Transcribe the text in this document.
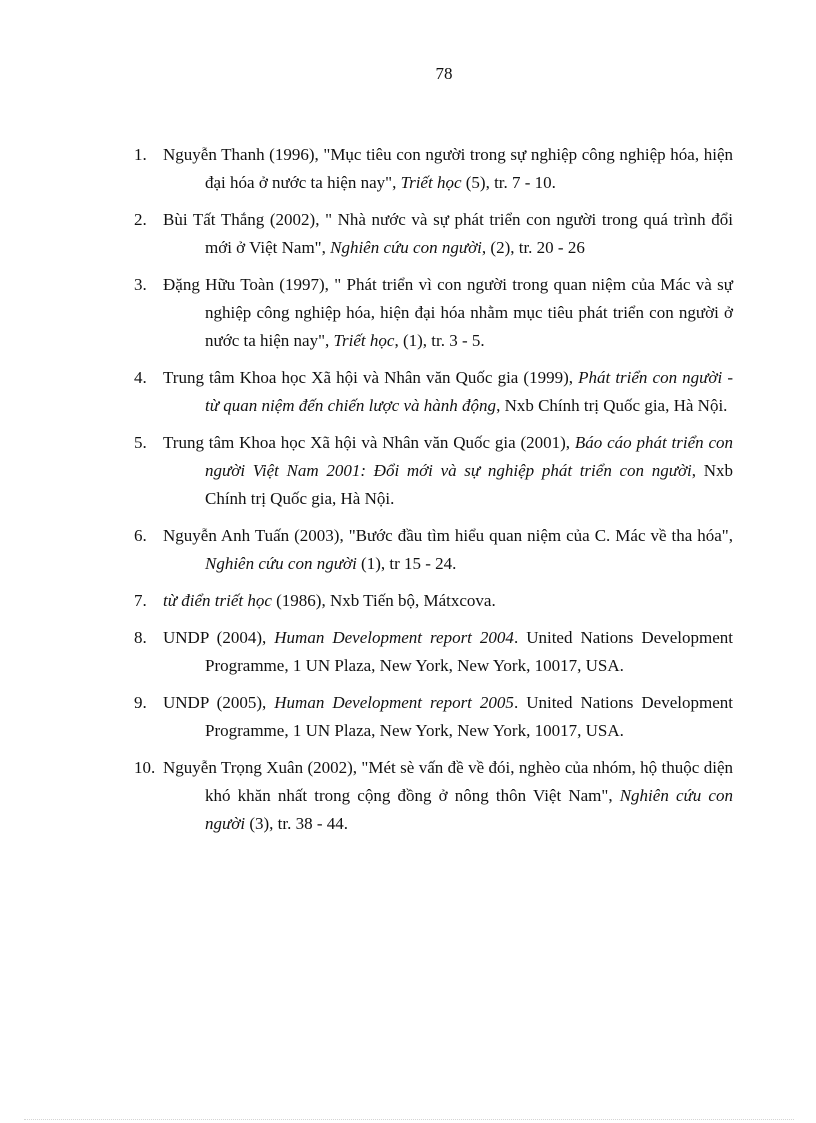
78
1. Nguyễn Thanh (1996), "Mục tiêu con người trong sự nghiệp công nghiệp hóa, hiện đại hóa ở nước ta hiện nay", Triết học (5), tr. 7 - 10.
2. Bùi Tất Thắng (2002), " Nhà nước và sự phát triển con người trong quá trình đổi mới ở Việt Nam", Nghiên cứu con người, (2), tr. 20 - 26
3. Đặng Hữu Toàn (1997), " Phát triển vì con người trong quan niệm của Mác và sự nghiệp công nghiệp hóa, hiện đại hóa nhằm mục tiêu phát triển con người ở nước ta hiện nay", Triết học, (1), tr. 3 - 5.
4. Trung tâm Khoa học Xã hội và Nhân văn Quốc gia (1999), Phát triển con người - từ quan niệm đến chiến lược và hành động, Nxb Chính trị Quốc gia, Hà Nội.
5. Trung tâm Khoa học Xã hội và Nhân văn Quốc gia (2001), Báo cáo phát triển con người Việt Nam 2001: Đổi mới và sự nghiệp phát triển con người, Nxb Chính trị Quốc gia, Hà Nội.
6. Nguyễn Anh Tuấn (2003), "Bước đầu tìm hiểu quan niệm của C. Mác về tha hóa", Nghiên cứu con người (1), tr 15 - 24.
7. từ điển triết học (1986), Nxb Tiến bộ, Mátxcova.
8. UNDP (2004), Human Development report 2004. United Nations Development Programme, 1 UN Plaza, New York, New York, 10017, USA.
9. UNDP (2005), Human Development report 2005. United Nations Development Programme, 1 UN Plaza, New York, New York, 10017, USA.
10. Nguyễn Trọng Xuân (2002), "Mét sè vấn đề về đói, nghèo của nhóm, hộ thuộc diện khó khăn nhất trong cộng đồng ở nông thôn Việt Nam", Nghiên cứu con người (3), tr. 38 - 44.
